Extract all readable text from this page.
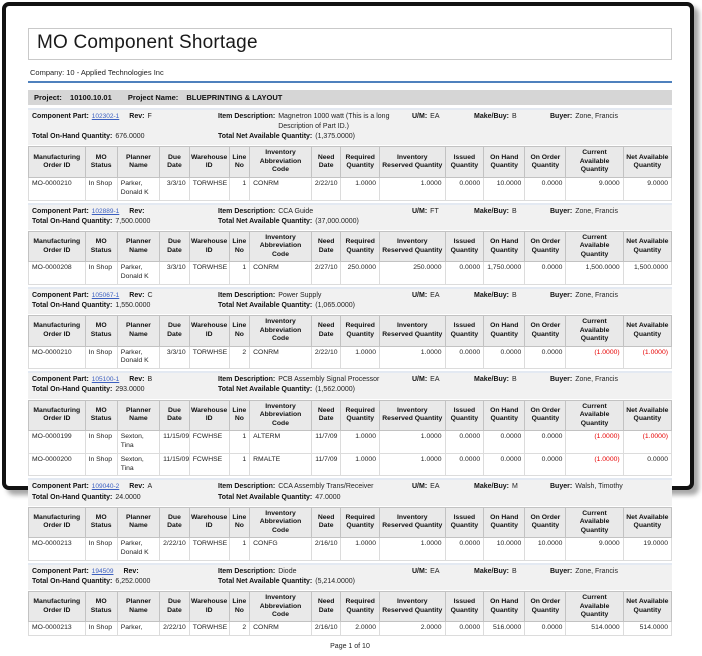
MO Component Shortage
Company: 10 - Applied Technologies Inc
Project: 10100.10.01 Project Name: BLUEPRINTING & LAYOUT
Component Part: 102302-1 Rev: F	Item Description: Magnetron 1000 watt (This is a long Description of Part ID.)
U/M: EA	Make/Buy: B	Buyer: Zone, Francis
Total On-Hand Quantity: 676.0000	Total Net Available Quantity: (1,375.0000)
Manufacturing Order ID	MO Status	Planner Name	Due Date	Warehouse ID	Line No	Inventory Abbreviation Code	Need Date	Required Quantity	Inventory Reserved Quantity	Issued Quantity	On Hand Quantity	On Order Quantity	Current Available Quantity	Net Available Quantity
MO-0000210	In Shop	Parker, Donald K	3/3/10	TORWHSE	1	CONRM	2/22/10	1.0000	1.0000	0.0000	10.0000	0.0000	9.0000	9.0000
Component Part: 102889-1 Rev:	Item Description: CCA Guide	U/M: FT	Make/Buy: B	Buyer: Zone, Francis
Total On-Hand Quantity: 7,500.0000	Total Net Available Quantity: (37,000.0000)
Manufacturing Order ID	MO Status	Planner Name	Due Date	Warehouse ID	Line No	Inventory Abbreviation Code	Need Date	Required Quantity	Inventory Reserved Quantity	Issued Quantity	On Hand Quantity	On Order Quantity	Current Available Quantity	Net Available Quantity
MO-0000208	In Shop	Parker, Donald K	3/3/10	TORWHSE	1	CONRM	2/27/10	250.0000	250.0000	0.0000	1,750.0000	0.0000	1,500.0000	1,500.0000
Component Part: 105067-1 Rev: C	Item Description: Power Supply	U/M: EA	Make/Buy: B	Buyer: Zone, Francis
Total On-Hand Quantity: 1,550.0000	Total Net Available Quantity: (1,065.0000)
Manufacturing Order ID	MO Status	Planner Name	Due Date	Warehouse ID	Line No	Inventory Abbreviation Code	Need Date	Required Quantity	Inventory Reserved Quantity	Issued Quantity	On Hand Quantity	On Order Quantity	Current Available Quantity	Net Available Quantity
MO-0000210	In Shop	Parker, Donald K	3/3/10	TORWHSE	2	CONRM	2/22/10	1.0000	1.0000	0.0000	0.0000	0.0000	(1.0000)	(1.0000)
Component Part: 105100-1 Rev: B	Item Description: PCB Assembly Signal Processor	U/M: EA	Make/Buy: B	Buyer: Zone, Francis
Total On-Hand Quantity: 293.0000	Total Net Available Quantity: (1,562.0000)
Manufacturing Order ID	MO Status	Planner Name	Due Date	Warehouse ID	Line No	Inventory Abbreviation Code	Need Date	Required Quantity	Inventory Reserved Quantity	Issued Quantity	On Hand Quantity	On Order Quantity	Current Available Quantity	Net Available Quantity
MO-0000199	In Shop	Sexton, Tina	11/15/09	FCWHSE	1	ALTERM	11/7/09	1.0000	1.0000	0.0000	0.0000	0.0000	(1.0000)	(1.0000)
MO-0000200	In Shop	Sexton, Tina	11/15/09	FCWHSE	1	RMALTE	11/7/09	1.0000	1.0000	0.0000	0.0000	0.0000	(1.0000)	0.0000
Component Part: 109040-2 Rev: A	Item Description: CCA Assembly Trans/Receiver	U/M: EA	Make/Buy: M	Buyer: Walsh, Timothy
Total On-Hand Quantity: 24.0000	Total Net Available Quantity: 47.0000
Manufacturing Order ID	MO Status	Planner Name	Due Date	Warehouse ID	Line No	Inventory Abbreviation Code	Need Date	Required Quantity	Inventory Reserved Quantity	Issued Quantity	On Hand Quantity	On Order Quantity	Current Available Quantity	Net Available Quantity
MO-0000213	In Shop	Parker, Donald K	2/22/10	TORWHSE	1	CONFG	2/16/10	1.0000	1.0000	0.0000	10.0000	10.0000	9.0000	19.0000
Component Part: 194509 Rev:	Item Description: Diode	U/M: EA	Make/Buy: B	Buyer: Zone, Francis
Total On-Hand Quantity: 6,252.0000	Total Net Available Quantity: (5,214.0000)
Manufacturing Order ID	MO Status	Planner Name	Due Date	Warehouse ID	Line No	Inventory Abbreviation Code	Need Date	Required Quantity	Inventory Reserved Quantity	Issued Quantity	On Hand Quantity	On Order Quantity	Current Available Quantity	Net Available Quantity
MO-0000213	In Shop	Parker,	2/22/10	TORWHSE	2	CONRM	2/16/10	2.0000	2.0000	0.0000	516.0000	0.0000	514.0000	514.0000
Page 1 of 10
